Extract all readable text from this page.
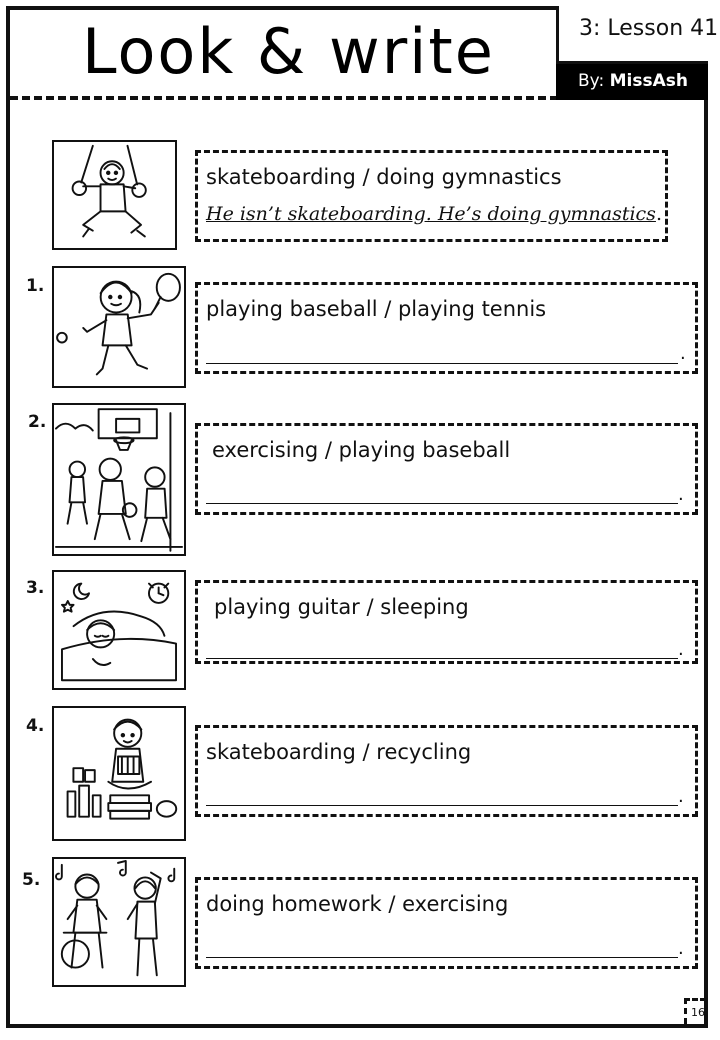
Look & write	3: Lesson 41
By: MissAsh
skateboarding / doing gymnastics
He isn’t skateboarding. He’s doing gymnastics.
1.
playing baseball / playing tennis
.
2.
exercising / playing baseball
.
3.
playing guitar / sleeping
.
4.
skateboarding / recycling
.
5.
doing homework / exercising
.
16
